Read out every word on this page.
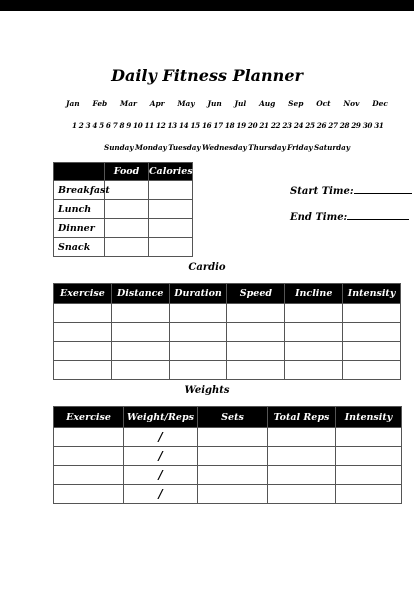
Daily Fitness Planner
Jan Feb Mar Apr May Jun Jul Aug Sep Oct Nov Dec
1 2 3 4 5 6 7 8 9 10 11 12 13 14 15 16 17 18 19 20 21 22 23 24 25 26 27 28 29 30 31
Sunday Monday Tuesday Wednesday Thursday Friday Saturday
	Food	Calories
Breakfast		
Lunch		
Dinner		
Snack		
Start Time:
End Time:
Cardio
Exercise	Distance	Duration	Speed	Incline	Intensity

Weights
Exercise	Weight/Reps	Sets	Total Reps	Intensity
	/			
	/			
	/			
	/			
